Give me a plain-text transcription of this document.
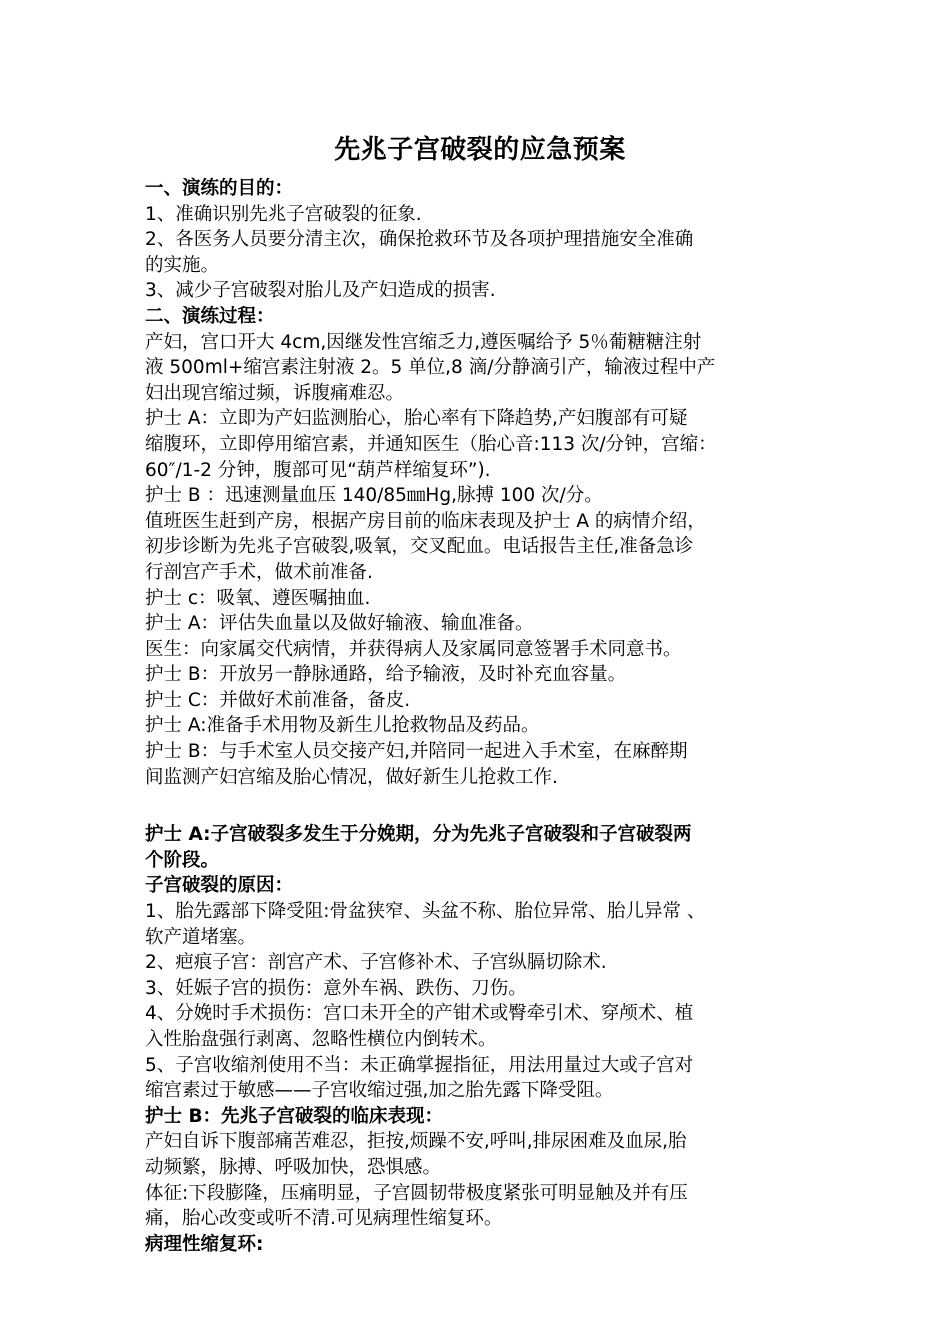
先兆子宫破裂的应急预案

一、演练的目的：

1、准确识别先兆子宫破裂的征象.

2、各医务人员要分清主次，确保抢救环节及各项护理措施安全准确

的实施。

3、减少子宫破裂对胎儿及产妇造成的损害.

二、演练过程：

产妇，宫口开大 4cm,因继发性宫缩乏力,遵医嘱给予 5％葡糖糖注射

液 500ml+缩宫素注射液 2。5 单位,8 滴/分静滴引产，输液过程中产

妇出现宫缩过频，诉腹痛难忍。

护士 A：立即为产妇监测胎心，胎心率有下降趋势,产妇腹部有可疑

缩腹环，立即停用缩宫素，并通知医生（胎心音:113 次/分钟，宫缩：

60″/1-2 分钟，腹部可见“葫芦样缩复环”).

护士 B ：迅速测量血压 140/85㎜Hg,脉搏 100 次/分。

值班医生赶到产房，根据产房目前的临床表现及护士 A 的病情介绍，

初步诊断为先兆子宫破裂,吸氧，交叉配血。电话报告主任,准备急诊

行剖宫产手术，做术前准备.

护士 c：吸氧、遵医嘱抽血.

护士 A：评估失血量以及做好输液、输血准备。

医生：向家属交代病情，并获得病人及家属同意签署手术同意书。

护士 B：开放另一静脉通路，给予输液，及时补充血容量。

护士 C：并做好术前准备，备皮.

护士 A:准备手术用物及新生儿抢救物品及药品。

护士 B：与手术室人员交接产妇,并陪同一起进入手术室，在麻醉期

间监测产妇宫缩及胎心情况，做好新生儿抢救工作.

护士 A:子宫破裂多发生于分娩期，分为先兆子宫破裂和子宫破裂两

个阶段。

子宫破裂的原因：

1、胎先露部下降受阻:骨盆狭窄、头盆不称、胎位异常、胎儿异常 、

软产道堵塞。

2、疤痕子宫：剖宫产术、子宫修补术、子宫纵膈切除术.

3、妊娠子宫的损伤：意外车祸、跌伤、刀伤。

4、分娩时手术损伤：宫口未开全的产钳术或臀牵引术、穿颅术、植

入性胎盘强行剥离、忽略性横位内倒转术。

5、子宫收缩剂使用不当：未正确掌握指征，用法用量过大或子宫对

缩宫素过于敏感——子宫收缩过强,加之胎先露下降受阻。

护士 B：先兆子宫破裂的临床表现：

产妇自诉下腹部痛苦难忍，拒按,烦躁不安,呼叫,排尿困难及血尿,胎

动频繁，脉搏、呼吸加快，恐惧感。

体征:下段膨隆，压痛明显，子宫圆韧带极度紧张可明显触及并有压

痛，胎心改变或听不清.可见病理性缩复环。

病理性缩复环:
